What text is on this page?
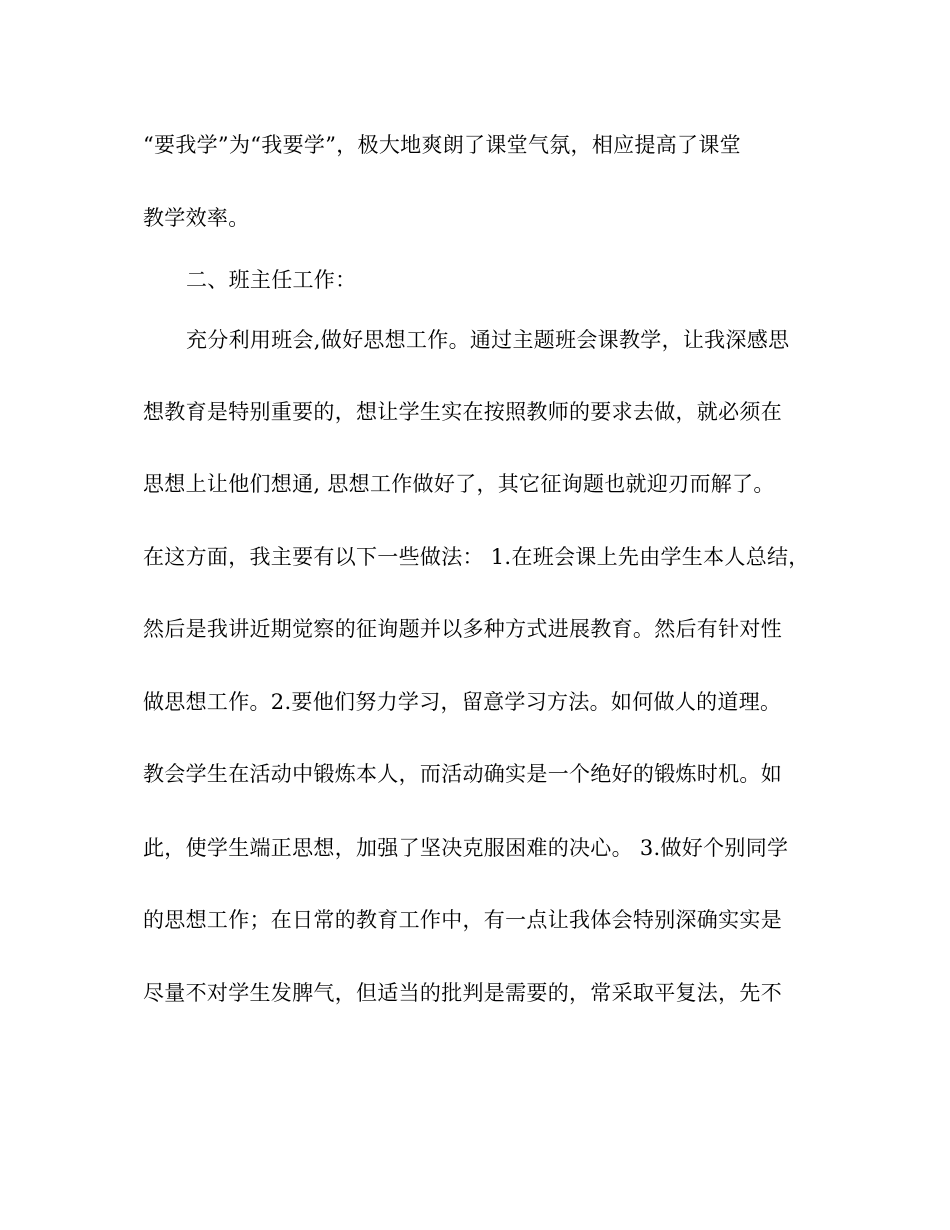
“要我学”为“我要学”，极大地爽朗了课堂气氛，相应提高了课堂

教学效率。

二、班主任工作：

充分利用班会,做好思想工作。通过主题班会课教学，让我深感思

想教育是特别重要的，想让学生实在按照教师的要求去做，就必须在

思想上让他们想通, 思想工作做好了，其它征询题也就迎刃而解了。

在这方面，我主要有以下一些做法： 1.在班会课上先由学生本人总结，

然后是我讲近期觉察的征询题并以多种方式进展教育。然后有针对性

做思想工作。2.要他们努力学习，留意学习方法。如何做人的道理。

教会学生在活动中锻炼本人，而活动确实是一个绝好的锻炼时机。如

此，使学生端正思想，加强了坚决克服困难的决心。 3.做好个别同学

的思想工作；在日常的教育工作中，有一点让我体会特别深确实实是

尽量不对学生发脾气，但适当的批判是需要的，常采取平复法，先不
